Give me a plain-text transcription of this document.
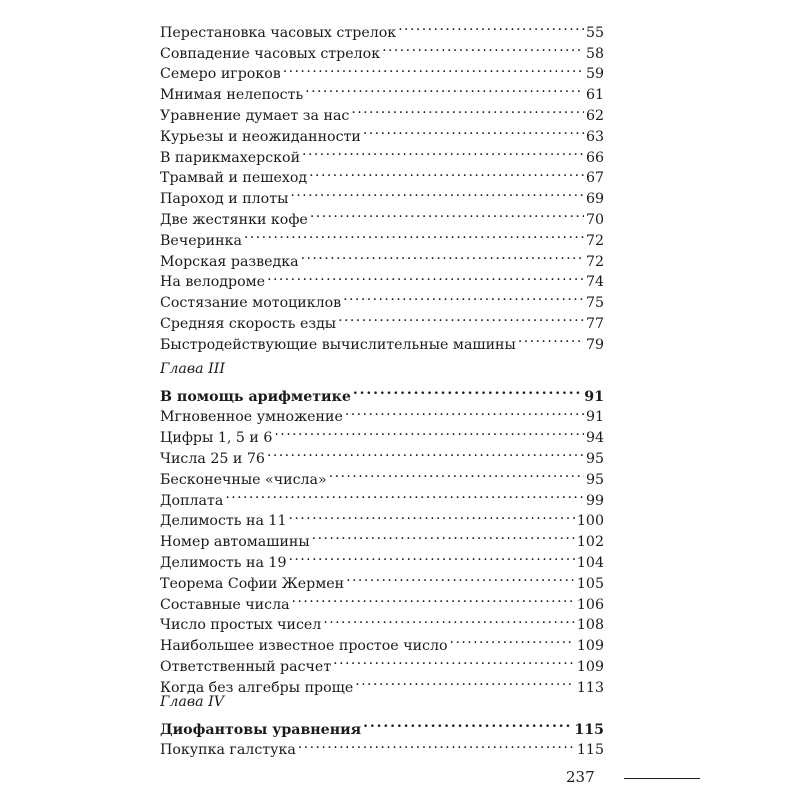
Перестановка часовых стрелок . . .	55
Совпадение часовых стрелок . . .	58
Семеро игроков . . .	59
Мнимая нелепость . . .	61
Уравнение думает за нас . . .	62
Курьезы и неожиданности . . .	63
В парикмахерской . . .	66
Трамвай и пешеход . . .	67
Пароход и плоты . . .	69
Две жестянки кофе . . .	70
Вечеринка . . .	72
Морская разведка . . .	72
На велодроме . . .	74
Состязание мотоциклов . . .	75
Средняя скорость езды . . .	77
Быстродействующие вычислительные машины . . .	79
Глава III
В помощь арифметике . . .	91
Мгновенное умножение . . .	91
Цифры 1, 5 и 6 . . .	94
Числа 25 и 76 . . .	95
Бесконечные «числа» . . .	95
Доплата . . .	99
Делимость на 11 . . .	100
Номер автомашины . . .	102
Делимость на 19 . . .	104
Теорема Софии Жермен . . .	105
Составные числа . . .	106
Число простых чисел . . .	108
Наибольшее известное простое число . . .	109
Ответственный расчет . . .	109
Когда без алгебры проще . . .	113
Глава IV
Диофантовы уравнения . . .	115
Покупка галстука . . .	115
237
